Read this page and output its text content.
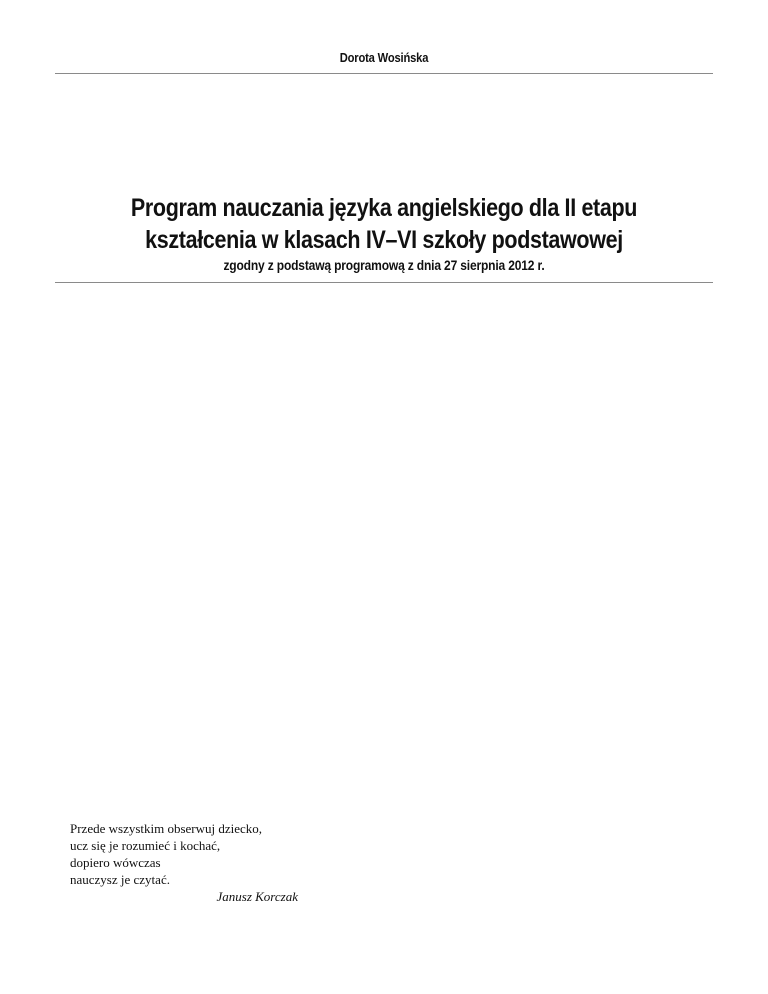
Dorota Wosińska
Program nauczania języka angielskiego dla II etapu
kształcenia w klasach IV–VI szkoły podstawowej
zgodny z podstawą programową z dnia 27 sierpnia 2012 r.
Przede wszystkim obserwuj dziecko,
ucz się je rozumieć i kochać,
dopiero wówczas
nauczysz je czytać.
Janusz Korczak
